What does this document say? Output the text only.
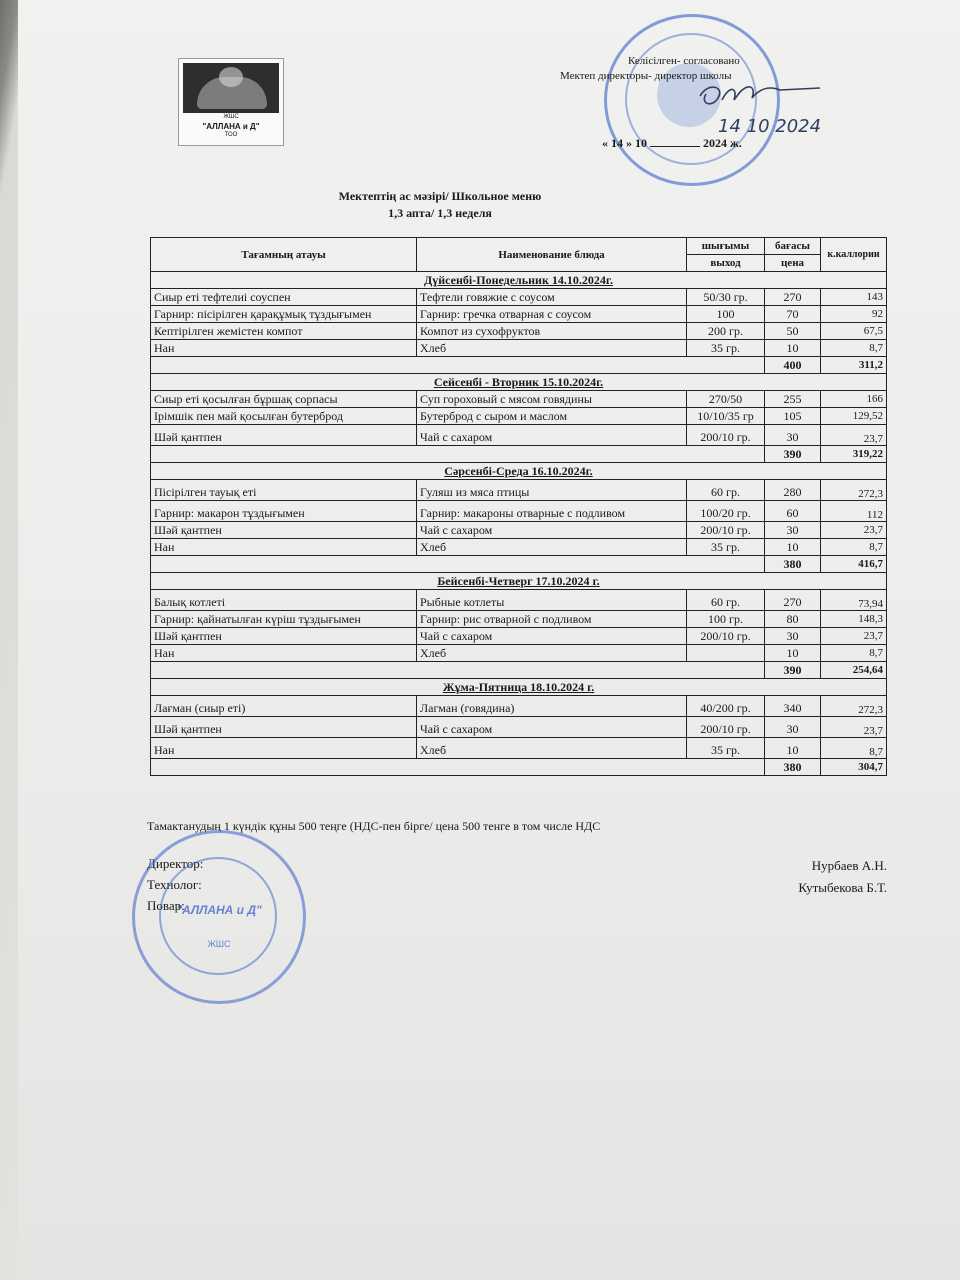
ЖШС
"АЛЛАНА и Д"
ТОО
Келісілген- согласовано
Мектеп директоры- директор школы
« 14 » 10	2024 ж.
14 10 2024
Мектептің ас мәзірі/ Школьное меню
1,3 апта/ 1,3 неделя
Тағамның атауы	Наименование блюда	шығымы	бағасы	к.каллории
		выход	цена	
Дүйсенбі-Понедельник 14.10.2024г.				
Сиыр еті тефтелиі соуспен	Тефтели говяжие с соусом	50/30 гр.	270	143
Гарнир: пісірілген қарақұмық тұздығымен	Гарнир: гречка отварная с соусом	100	70	92
Кептірілген жемістен компот	Компот из сухофруктов	200 гр.	50	67,5
Нан	Хлеб	35 гр.	10	8,7
			400	311,2
Сейсенбі - Вторник 15.10.2024г.				
Сиыр еті қосылған бұршақ сорпасы	Суп гороховый с мясом говядины	270/50	255	166
Ірімшік пен май қосылған бутерброд	Бутерброд с сыром и маслом	10/10/35 гр	105	129,52
Шәй қантпен	Чай с сахаром	200/10 гр.	30	23,7
			390	319,22
Сәрсенбі-Среда 16.10.2024г.				
Пісірілген тауық еті	Гуляш из мяса птицы	60 гр.	280	272,3
Гарнир: макарон тұздығымен	Гарнир: макароны отварные с подливом	100/20 гр.	60	112
Шәй қантпен	Чай с сахаром	200/10 гр.	30	23,7
Нан	Хлеб	35 гр.	10	8,7
			380	416,7
Бейсенбі-Четверг 17.10.2024 г.				
Балық котлеті	Рыбные котлеты	60 гр.	270	73,94
Гарнир: қайнатылған күріш тұздығымен	Гарнир: рис отварной с подливом	100 гр.	80	148,3
Шәй қантпен	Чай с сахаром	200/10 гр.	30	23,7
Нан	Хлеб		10	8,7
			390	254,64
Жұма-Пятница 18.10.2024 г.				
Лағман (сиыр еті)	Лагман (говядина)	40/200 гр.	340	272,3
Шәй қантпен	Чай с сахаром	200/10 гр.	30	23,7
Нан	Хлеб	35 гр.	10	8,7
			380	304,7
Тамактанудың 1 күндік құны 500 теңге (НДС-пен бірге/ цена 500 тенге в том числе НДС
Директор:
Технолог:
Повар:
Нурбаев А.Н.
Кутыбекова Б.Т.
"АЛЛАНА и Д"
ЖШС
